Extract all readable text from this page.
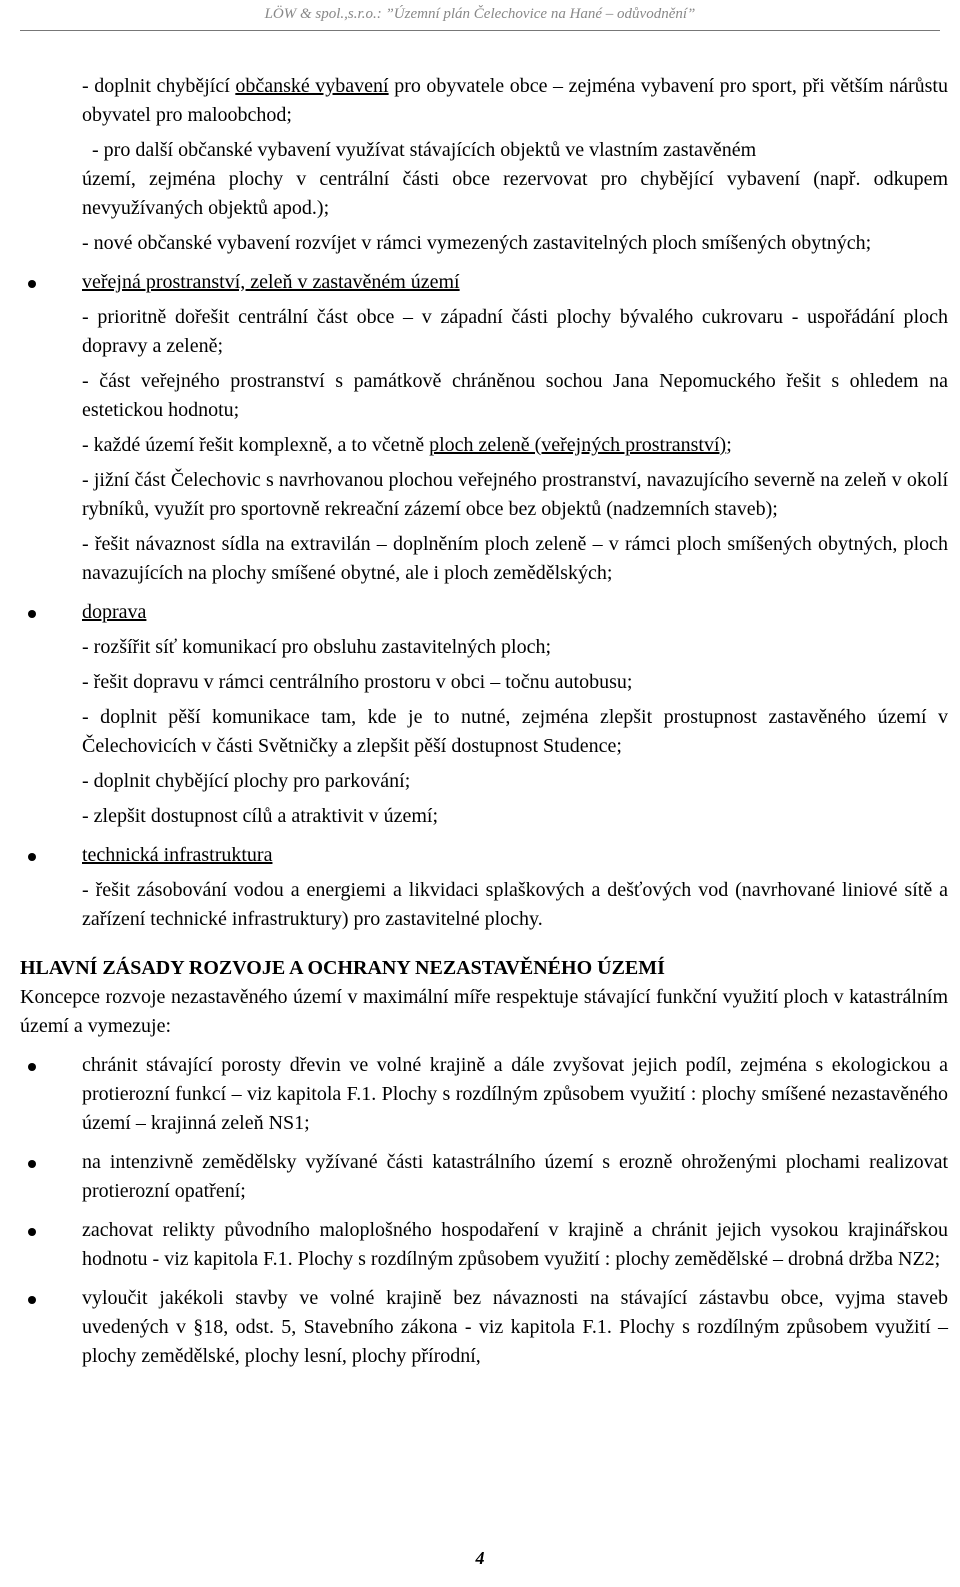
LÖW & spol.,s.r.o.: ”Územní plán Čelechovice na Hané – odůvodnění”

- doplnit chybějící občanské vybavení pro obyvatele obce – zejména vybavení pro sport, při větším nárůstu obyvatel pro maloobchod;

- pro další občanské vybavení využívat stávajících objektů ve vlastním zastavěném

území, zejména plochy v centrální části obce rezervovat pro chybějící vybavení (např. odkupem nevyužívaných objektů apod.);

- nové občanské vybavení rozvíjet v rámci vymezených zastavitelných ploch smíšených obytných;

veřejná prostranství, zeleň v zastavěném území

- prioritně dořešit centrální část obce – v západní části plochy bývalého cukrovaru - uspořádání ploch dopravy a zeleně;

- část veřejného prostranství s památkově chráněnou sochou Jana Nepomuckého řešit s ohledem na estetickou hodnotu;

- každé území řešit komplexně, a to včetně ploch zeleně (veřejných prostranství);

- jižní část Čelechovic s navrhovanou plochou veřejného prostranství, navazujícího severně na zeleň v okolí rybníků, využít pro sportovně rekreační zázemí obce bez objektů (nadzemních staveb);

- řešit návaznost sídla na extravilán – doplněním ploch zeleně – v rámci ploch smíšených obytných, ploch navazujících na plochy smíšené obytné, ale i ploch zemědělských;

doprava

- rozšířit síť komunikací pro obsluhu zastavitelných ploch;

- řešit dopravu v rámci centrálního prostoru v obci – točnu autobusu;

- doplnit pěší komunikace tam, kde je to nutné, zejména zlepšit prostupnost zastavěného území v Čelechovicích v části Světničky a zlepšit pěší dostupnost Studence;

- doplnit chybějící plochy pro parkování;

- zlepšit dostupnost cílů a atraktivit v území;

technická infrastruktura

- řešit zásobování vodou a energiemi a likvidaci splaškových a dešťových vod (navrhované liniové sítě a zařízení technické infrastruktury) pro zastavitelné plochy.

HLAVNÍ ZÁSADY ROZVOJE A OCHRANY NEZASTAVĚNÉHO ÚZEMÍ

Koncepce rozvoje nezastavěného území v maximální míře respektuje stávající funkční využití ploch v katastrálním území a vymezuje:

chránit stávající porosty dřevin ve volné krajině a dále zvyšovat jejich podíl, zejména s ekologickou a protierozní funkcí – viz kapitola F.1. Plochy s rozdílným způsobem využití : plochy smíšené nezastavěného území – krajinná zeleň NS1;

na intenzivně zemědělsky vyžívané části katastrálního území s erozně ohroženými plochami realizovat protierozní opatření;

zachovat relikty původního maloplošného hospodaření v krajině a chránit jejich vysokou krajinářskou hodnotu - viz kapitola F.1. Plochy s rozdílným způsobem využití : plochy zemědělské – drobná držba NZ2;

vyloučit jakékoli stavby ve volné krajině bez návaznosti na stávající zástavbu obce, vyjma staveb uvedených v §18, odst. 5, Stavebního zákona - viz kapitola F.1. Plochy s rozdílným způsobem využití – plochy zemědělské, plochy lesní, plochy přírodní,

4
